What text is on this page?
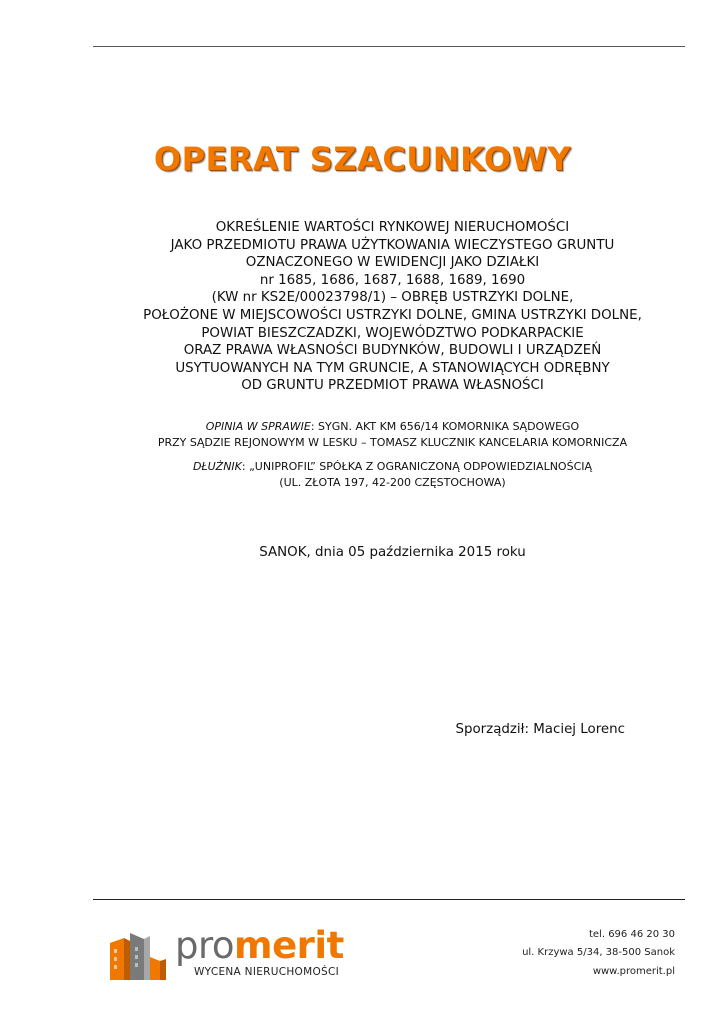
OPERAT SZACUNKOWY
OKREŚLENIE WARTOŚCI RYNKOWEJ NIERUCHOMOŚCI
JAKO PRZEDMIOTU PRAWA UŻYTKOWANIA WIECZYSTEGO GRUNTU
OZNACZONEGO W EWIDENCJI JAKO DZIAŁKI
nr 1685, 1686, 1687, 1688, 1689, 1690
(KW nr KS2E/00023798/1) – OBRĘB USTRZYKI DOLNE,
POŁOŻONE W MIEJSCOWOŚCI USTRZYKI DOLNE, GMINA USTRZYKI DOLNE,
POWIAT BIESZCZADZKI, WOJEWÓDZTWO PODKARPACKIE
ORAZ PRAWA WŁASNOŚCI BUDYNKÓW, BUDOWLI I URZĄDZEŃ
USYTUOWANYCH NA TYM GRUNCIE, A STANOWIĄCYCH ODRĘBNY
OD GRUNTU PRZEDMIOT PRAWA WŁASNOŚCI
OPINIA W SPRAWIE: SYGN. AKT KM 656/14 KOMORNIKA SĄDOWEGO
PRZY SĄDZIE REJONOWYM W LESKU – TOMASZ KLUCZNIK KANCELARIA KOMORNICZA
DŁUŻNIK: „UNIPROFIL” SPÓŁKA Z OGRANICZONĄ ODPOWIEDZIALNOŚCIĄ
(UL. ZŁOTA 197, 42-200 CZĘSTOCHOWA)
SANOK, dnia 05 października 2015 roku
Sporządził: Maciej Lorenc
promerit
WYCENA NIERUCHOMOŚCI
tel. 696 46 20 30
ul. Krzywa 5/34, 38-500 Sanok
www.promerit.pl
